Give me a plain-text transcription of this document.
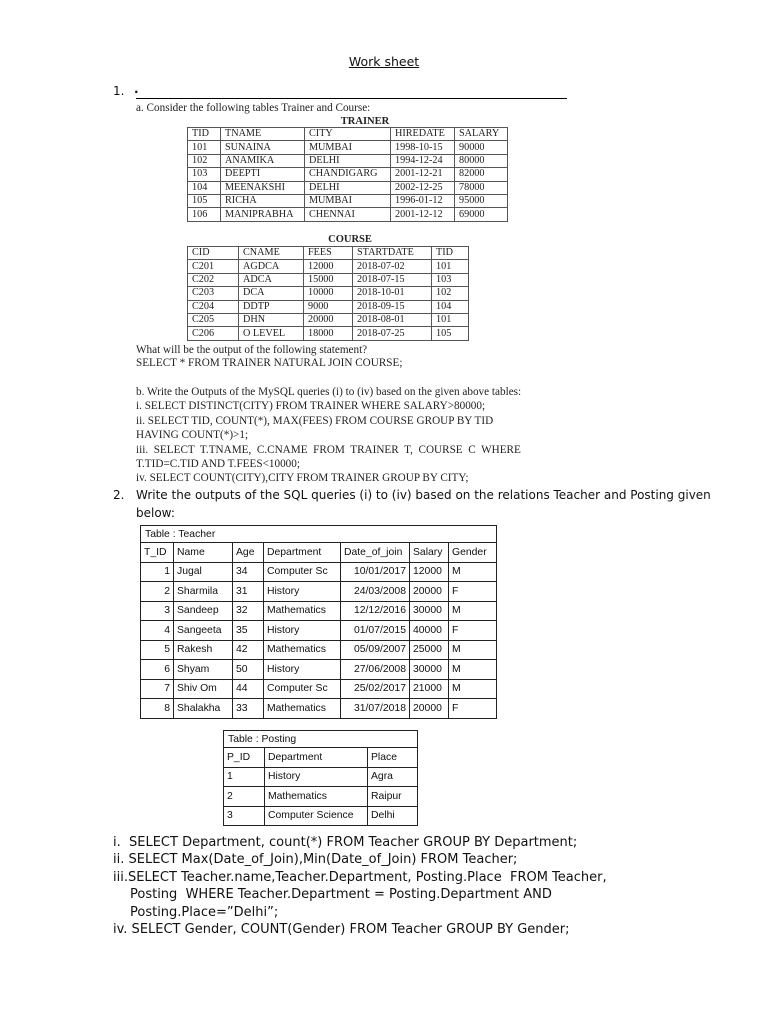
Work sheet
1. .
a. Consider the following tables Trainer and Course:
TRAINER
TID	TNAME	CITY	HIREDATE	SALARY
101	SUNAINA	MUMBAI	1998-10-15	90000
102	ANAMIKA	DELHI	1994-12-24	80000
103	DEEPTI	CHANDIGARG	2001-12-21	82000
104	MEENAKSHI	DELHI	2002-12-25	78000
105	RICHA	MUMBAI	1996-01-12	95000
106	MANIPRABHA	CHENNAI	2001-12-12	69000
COURSE
CID	CNAME	FEES	STARTDATE	TID
C201	AGDCA	12000	2018-07-02	101
C202	ADCA	15000	2018-07-15	103
C203	DCA	10000	2018-10-01	102
C204	DDTP	9000	2018-09-15	104
C205	DHN	20000	2018-08-01	101
C206	O LEVEL	18000	2018-07-25	105
What will be the output of the following statement?
SELECT * FROM TRAINER NATURAL JOIN COURSE;
b. Write the Outputs of the MySQL queries (i) to (iv) based on the given above tables:
i. SELECT DISTINCT(CITY) FROM TRAINER WHERE SALARY>80000;
ii. SELECT TID, COUNT(*), MAX(FEES) FROM COURSE GROUP BY TID
HAVING COUNT(*)>1;
iii.  SELECT  T.TNAME,  C.CNAME  FROM  TRAINER  T,  COURSE  C  WHERE
T.TID=C.TID AND T.FEES<10000;
iv. SELECT COUNT(CITY),CITY FROM TRAINER GROUP BY CITY;
2. Write the outputs of the SQL queries (i) to (iv) based on the relations Teacher and Posting given
below:
Table : Teacher
T_ID	Name	Age	Department	Date_of_join	Salary	Gender
1	Jugal	34	Computer Sc	10/01/2017	12000	M
2	Sharmila	31	History	24/03/2008	20000	F
3	Sandeep	32	Mathematics	12/12/2016	30000	M
4	Sangeeta	35	History	01/07/2015	40000	F
5	Rakesh	42	Mathematics	05/09/2007	25000	M
6	Shyam	50	History	27/06/2008	30000	M
7	Shiv Om	44	Computer Sc	25/02/2017	21000	M
8	Shalakha	33	Mathematics	31/07/2018	20000	F
Table : Posting
P_ID	Department	Place
1	History	Agra
2	Mathematics	Raipur
3	Computer Science	Delhi
i.  SELECT Department, count(*) FROM Teacher GROUP BY Department;
ii. SELECT Max(Date_of_Join),Min(Date_of_Join) FROM Teacher;
iii.SELECT Teacher.name,Teacher.Department, Posting.Place  FROM Teacher,
Posting  WHERE Teacher.Department = Posting.Department AND
Posting.Place=”Delhi”;
iv. SELECT Gender, COUNT(Gender) FROM Teacher GROUP BY Gender;
